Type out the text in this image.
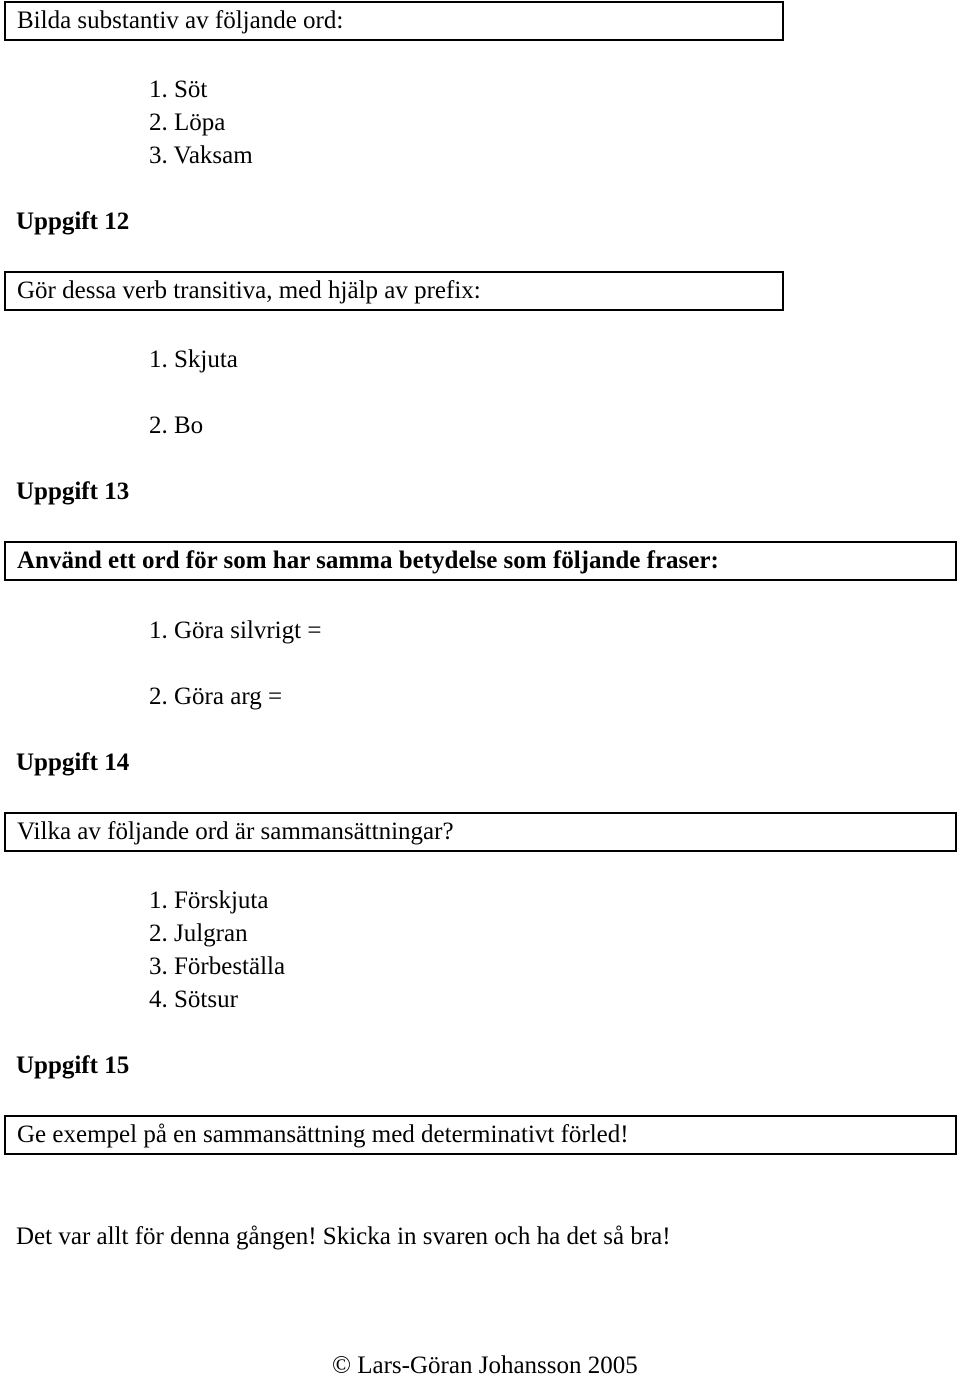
Bilda substantiv av följande ord:
1. Söt
2. Löpa
3. Vaksam
Uppgift 12
Gör dessa verb transitiva, med hjälp av prefix:
1. Skjuta
2. Bo
Uppgift 13
Använd ett ord för som har samma betydelse som följande fraser:
1. Göra silvrigt =
2. Göra arg =
Uppgift 14
Vilka av följande ord är sammansättningar?
1. Förskjuta
2. Julgran
3. Förbeställa
4. Sötsur
Uppgift 15
Ge exempel på en sammansättning med determinativt förled!
Det var allt för denna gången! Skicka in svaren och ha det så bra!
© Lars-Göran Johansson 2005
